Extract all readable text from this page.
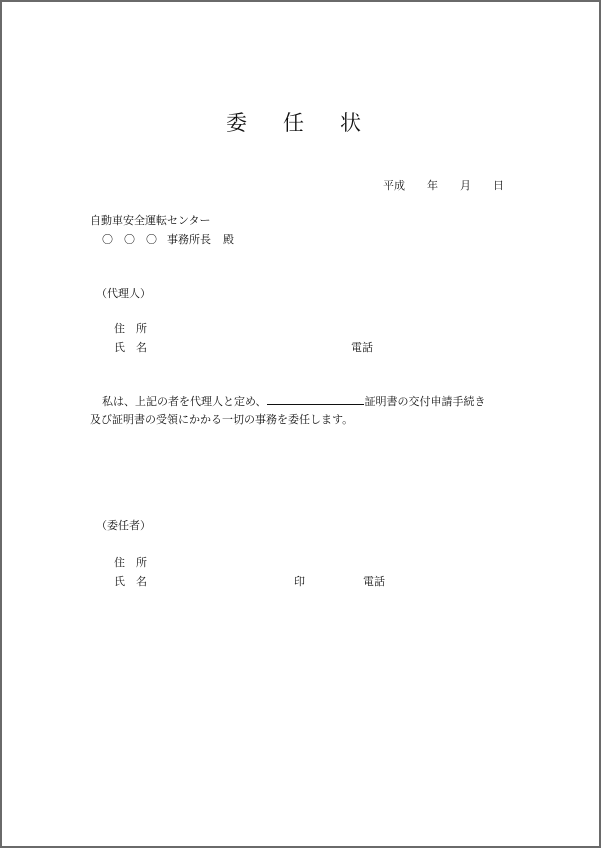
委 任 状
平成 年 月 日
自動車安全運転センター
〇　〇　〇 事務所長 殿
（代理人）
住　所
氏　名	電話
私は、上記の者を代理人と定め、	証明書の交付申請手続き
及び証明書の受領にかかる一切の事務を委任します。
（委任者）
住　所
氏　名	印	電話
